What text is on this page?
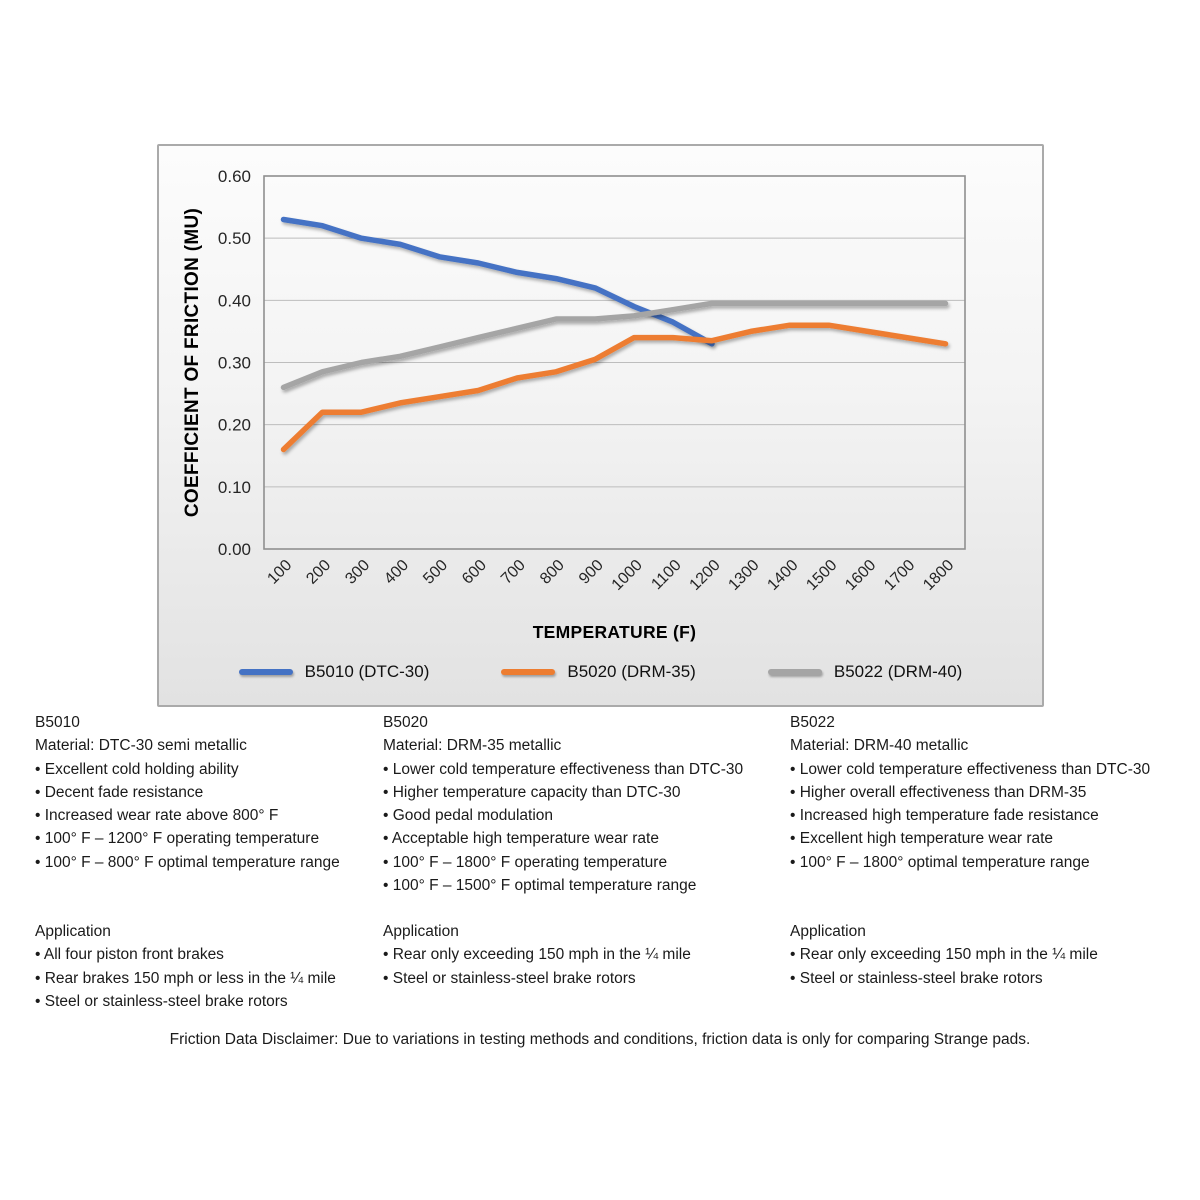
0.00
0.10
0.20
0.30
0.40
0.50
0.60
100 200 300 400 500 600 700 800 900 1000 1100 1200 1300 1400 1500 1600 1700 1800
COEFFICIENT OF FRICTION (MU)
TEMPERATURE (F)
B5010 (DTC-30)	B5020 (DRM-35)	B5022 (DRM-40)
B5010
Material: DTC-30 semi metallic
• Excellent cold holding ability
• Decent fade resistance
• Increased wear rate above 800° F
• 100° F – 1200° F operating temperature
• 100° F – 800° F optimal temperature range
Application
• All four piston front brakes
• Rear brakes 150 mph or less in the ¼ mile
• Steel or stainless-steel brake rotors
B5020
Material: DRM-35 metallic
• Lower cold temperature effectiveness than DTC-30
• Higher temperature capacity than DTC-30
• Good pedal modulation
• Acceptable high temperature wear rate
• 100° F – 1800° F operating temperature
• 100° F – 1500° F optimal temperature range
Application
• Rear only exceeding 150 mph in the ¼ mile
• Steel or stainless-steel brake rotors
B5022
Material: DRM-40 metallic
• Lower cold temperature effectiveness than DTC-30
• Higher overall effectiveness than DRM-35
• Increased high temperature fade resistance
• Excellent high temperature wear rate
• 100° F – 1800° optimal temperature range
Application
• Rear only exceeding 150 mph in the ¼ mile
• Steel or stainless-steel brake rotors
Friction Data Disclaimer: Due to variations in testing methods and conditions, friction data is only for comparing Strange pads.
